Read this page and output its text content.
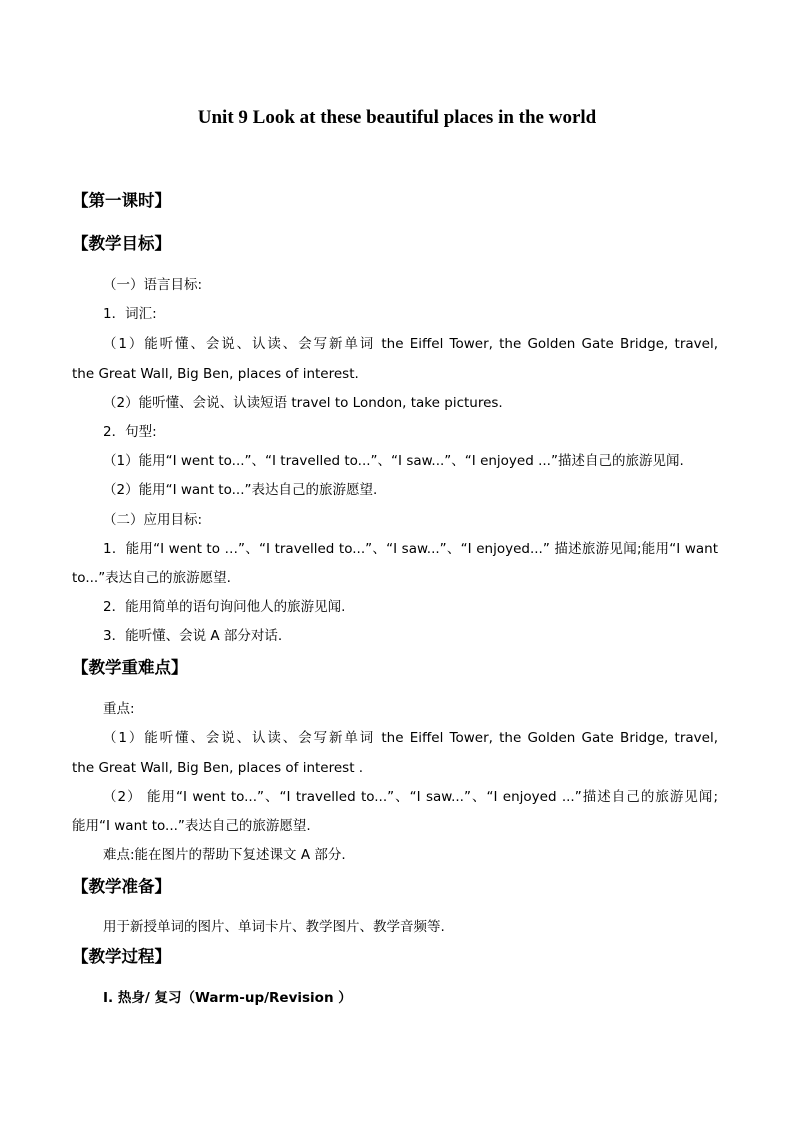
Unit 9 Look at these beautiful places in the world
【第一课时】
【教学目标】
（一）语言目标:
1．词汇:
（1）能听懂、会说、认读、会写新单词 the Eiffel Tower, the Golden Gate Bridge, travel,
the Great Wall, Big Ben, places of interest.
（2）能听懂、会说、认读短语 travel to London, take pictures.
2．句型:
（1）能用“I went to...”、“I travelled to...”、“I saw...”、“I enjoyed ...”描述自己的旅游见闻.
（2）能用“I want to...”表达自己的旅游愿望.
（二）应用目标:
1．能用“I went to …”、“I travelled to...”、“I saw...”、“I enjoyed...” 描述旅游见闻;能用“I want
to...”表达自己的旅游愿望.
2．能用简单的语句询问他人的旅游见闻.
3．能听懂、会说 A 部分对话.
【教学重难点】
重点:
（1）能听懂、会说、认读、会写新单词 the Eiffel Tower, the Golden Gate Bridge, travel,
the Great Wall, Big Ben, places of interest .
（2） 能用“I went to...”、“I travelled to...”、“I saw...”、“I enjoyed ...”描述自己的旅游见闻;
能用“I want to...”表达自己的旅游愿望.
难点:能在图片的帮助下复述课文 A 部分.
【教学准备】
用于新授单词的图片、单词卡片、教学图片、教学音频等.
【教学过程】
I. 热身/ 复习（Warm-up/Revision ）
